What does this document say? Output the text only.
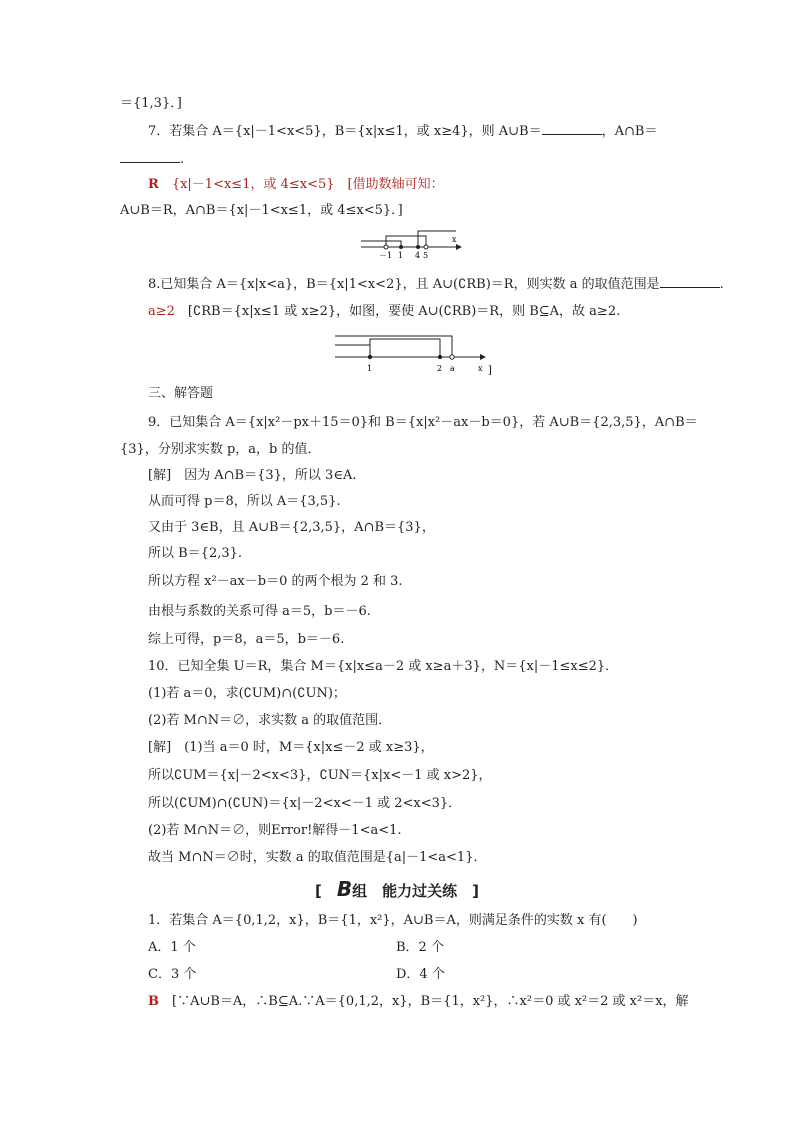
＝{1,3}．]
7．若集合 A＝{x|－1<x<5}，B＝{x|x≤1，或 x≥4}，则 A∪B＝	，A∩B＝
.
R　 {x|－1<x≤1，或 4≤x<5}　[借助数轴可知：
A∪B＝R，A∩B＝{x|－1<x≤1，或 4≤x<5}．]
－1 1 4 5
x
8.已知集合 A＝{x|x<a}，B＝{x|1<x<2}，且 A∪(∁RB)＝R，则实数 a 的取值范围是	.
a≥2　[∁RB＝{x|x≤1 或 x≥2}，如图，要使 A∪(∁RB)＝R，则 B⊆A，故 a≥2.
1	2 a	x ]
三、解答题
9．已知集合 A＝{x|x²－px＋15＝0}和 B＝{x|x²－ax－b＝0}，若 A∪B＝{2,3,5}，A∩B＝
{3}，分别求实数 p，a，b 的值．
[解]　因为 A∩B＝{3}，所以 3∈A.
从而可得 p＝8，所以 A＝{3,5}.
又由于 3∈B，且 A∪B＝{2,3,5}，A∩B＝{3}，
所以 B＝{2,3}.
所以方程 x²－ax－b＝0 的两个根为 2 和 3.
由根与系数的关系可得 a＝5，b＝－6.
综上可得，p＝8，a＝5，b＝－6.
10．已知全集 U＝R，集合 M＝{x|x≤a－2 或 x≥a＋3}，N＝{x|－1≤x≤2}．
(1)若 a＝0，求(∁UM)∩(∁UN)；
(2)若 M∩N＝∅，求实数 a 的取值范围．
[解]　(1)当 a＝0 时，M＝{x|x≤－2 或 x≥3}，
所以∁UM＝{x|－2<x<3}，∁UN＝{x|x<－1 或 x>2}，
所以(∁UM)∩(∁UN)＝{x|－2<x<－1 或 2<x<3}．
(2)若 M∩N＝∅，则Error!解得－1<a<1.
故当 M∩N＝∅时，实数 a 的取值范围是{a|－1<a<1}．
[　B组　能力过关练　]
1．若集合 A＝{0,1,2，x}，B＝{1，x²}，A∪B＝A，则满足条件的实数 x 有(　　)
A．1 个	B．2 个
C．3 个	D．4 个
B　 [∵A∪B＝A，∴B⊆A.∵A＝{0,1,2，x}，B＝{1，x²}，∴x²＝0 或 x²＝2 或 x²＝x，解
